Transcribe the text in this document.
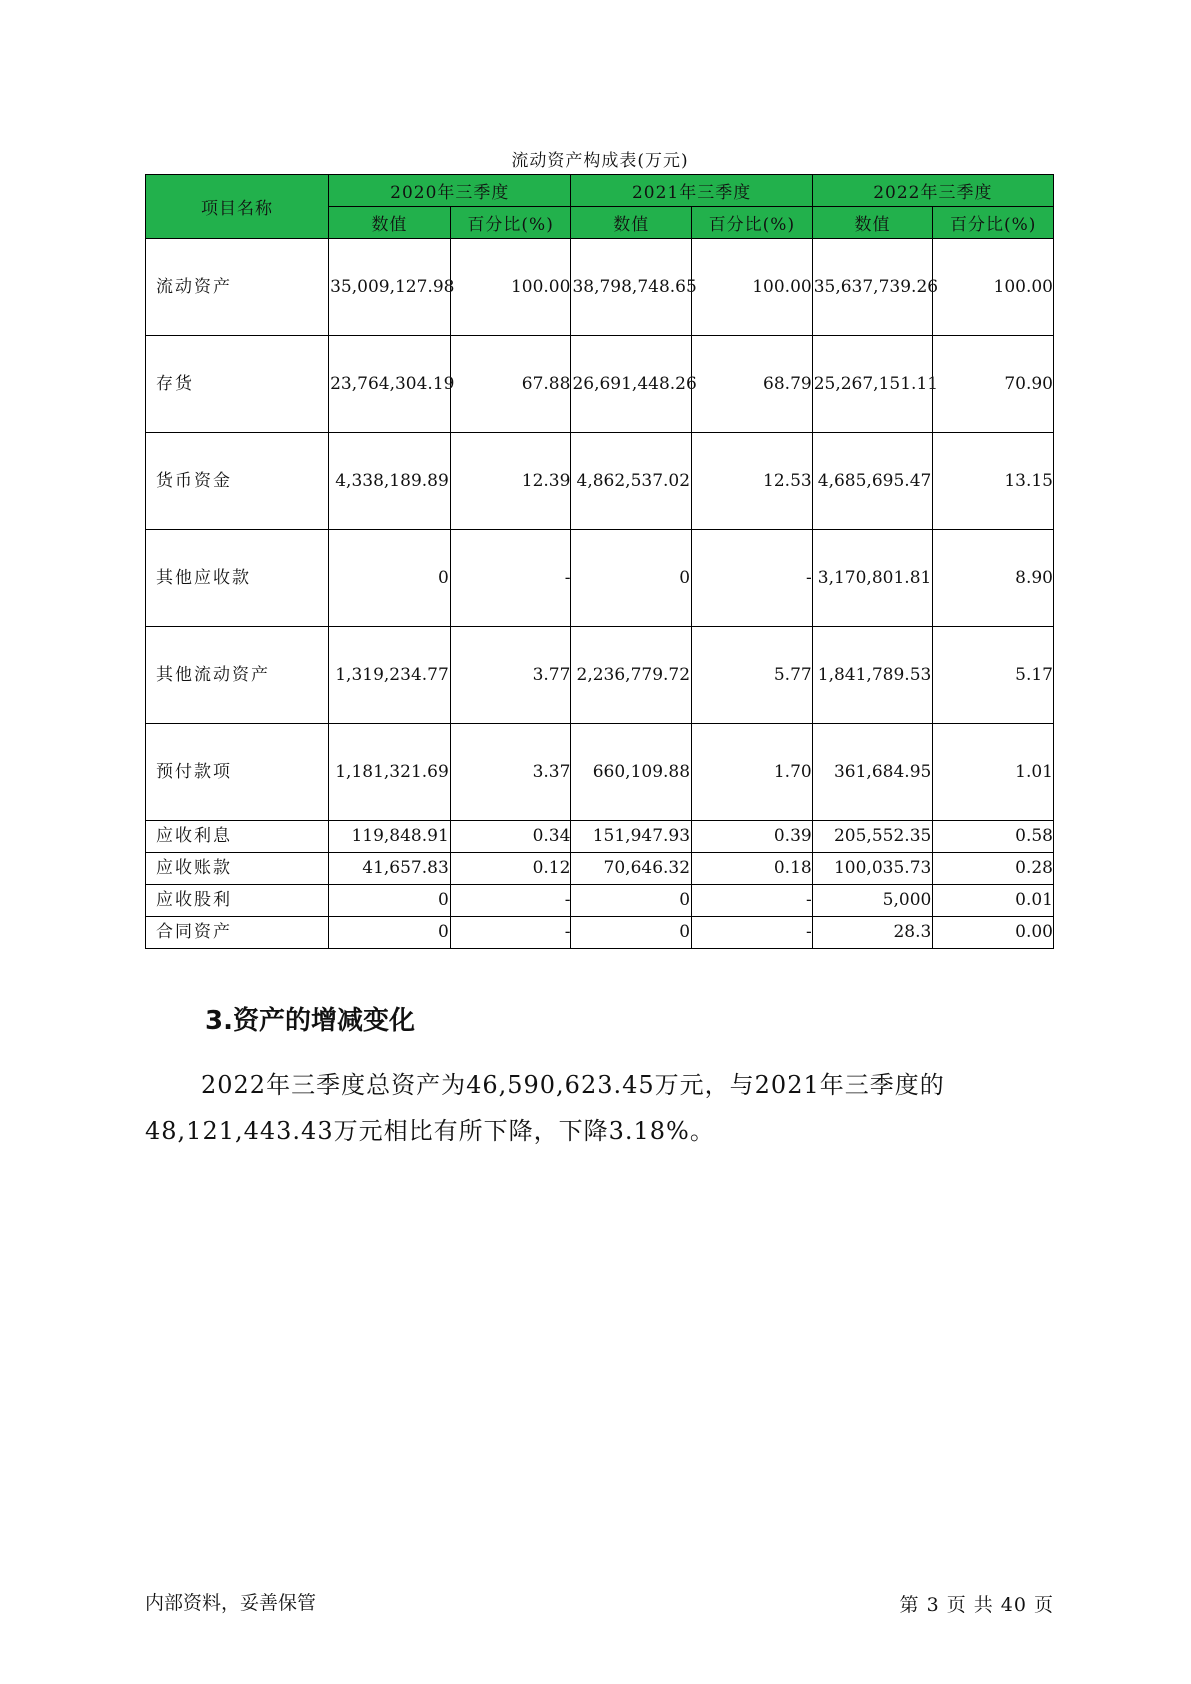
流动资产构成表(万元)
项目名称	2020年三季度		2021年三季度		2022年三季度	
	数值	百分比(%)	数值	百分比(%)	数值	百分比(%)
流动资产	35,009,127.98	100.00	38,798,748.65	100.00	35,637,739.26	100.00
存货	23,764,304.19	67.88	26,691,448.26	68.79	25,267,151.11	70.90
货币资金	4,338,189.89	12.39	4,862,537.02	12.53	4,685,695.47	13.15
其他应收款	0	-	0	-	3,170,801.81	8.90
其他流动资产	1,319,234.77	3.77	2,236,779.72	5.77	1,841,789.53	5.17
预付款项	1,181,321.69	3.37	660,109.88	1.70	361,684.95	1.01
应收利息	119,848.91	0.34	151,947.93	0.39	205,552.35	0.58
应收账款	41,657.83	0.12	70,646.32	0.18	100,035.73	0.28
应收股利	0	-	0	-	5,000	0.01
合同资产	0	-	0	-	28.3	0.00
3.资产的增减变化
2022年三季度总资产为46,590,623.45万元，与2021年三季度的48,121,443.43万元相比有所下降，下降3.18%。
内部资料，妥善保管	第 3 页 共 40 页
